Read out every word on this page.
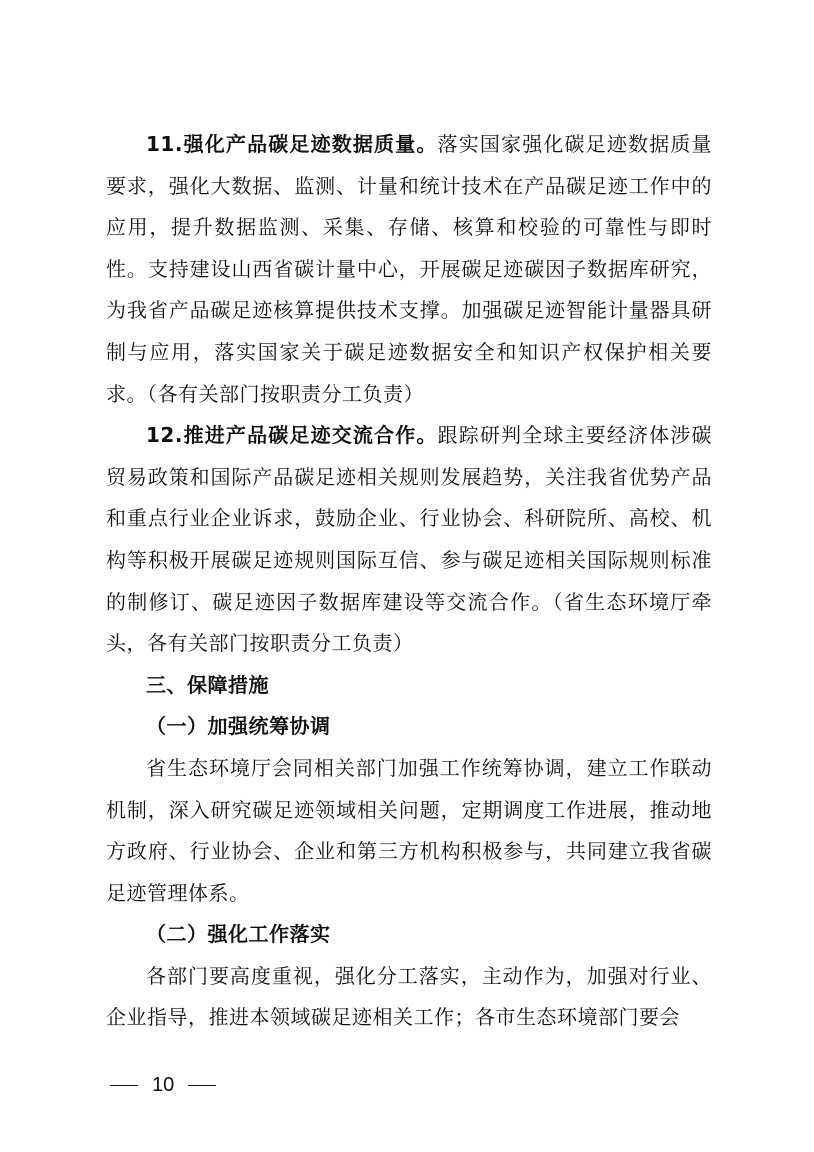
11.强化产品碳足迹数据质量。落实国家强化碳足迹数据质量要求，强化大数据、监测、计量和统计技术在产品碳足迹工作中的应用，提升数据监测、采集、存储、核算和校验的可靠性与即时性。支持建设山西省碳计量中心，开展碳足迹碳因子数据库研究，为我省产品碳足迹核算提供技术支撑。加强碳足迹智能计量器具研制与应用，落实国家关于碳足迹数据安全和知识产权保护相关要求。（各有关部门按职责分工负责）

12.推进产品碳足迹交流合作。跟踪研判全球主要经济体涉碳贸易政策和国际产品碳足迹相关规则发展趋势，关注我省优势产品和重点行业企业诉求，鼓励企业、行业协会、科研院所、高校、机构等积极开展碳足迹规则国际互信、参与碳足迹相关国际规则标准的制修订、碳足迹因子数据库建设等交流合作。（省生态环境厅牵头，各有关部门按职责分工负责）

三、保障措施

（一）加强统筹协调

省生态环境厅会同相关部门加强工作统筹协调，建立工作联动机制，深入研究碳足迹领域相关问题，定期调度工作进展，推动地方政府、行业协会、企业和第三方机构积极参与，共同建立我省碳足迹管理体系。

（二）强化工作落实

各部门要高度重视，强化分工落实，主动作为，加强对行业、企业指导，推进本领域碳足迹相关工作；各市生态环境部门要会

10
